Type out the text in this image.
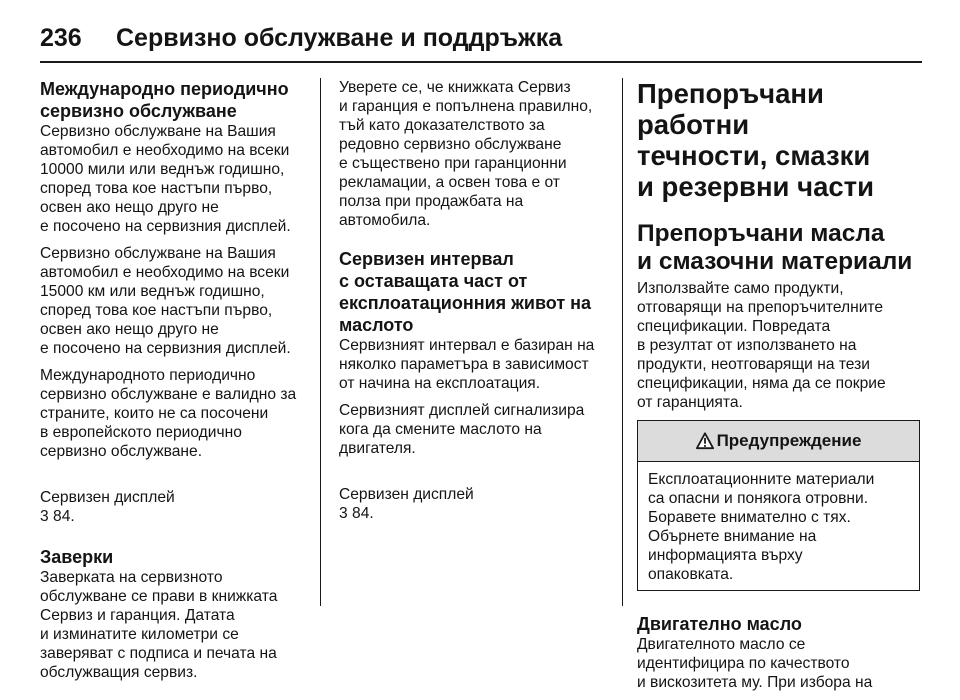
236	Сервизно обслужване и поддръжка
Международно периодично
сервизно обслужване

Сервизно обслужване на Вашия
автомобил е необходимо на всеки
10000 мили или веднъж годишно,
според това кое настъпи първо,
освен ако нещо друго не
е посочено на сервизния дисплей.

Сервизно обслужване на Вашия
автомобил е необходимо на всеки
15000 км или веднъж годишно,
според това кое настъпи първо,
освен ако нещо друго не
е посочено на сервизния дисплей.

Международното периодично
сервизно обслужване е валидно за
страните, които не са посочени
в европейското периодично
сервизно обслужване.

Сервизен дисплей
3 84.

Заверки

Заверката на сервизното
обслужване се прави в книжката
Сервиз и гаранция. Датата
и изминатите километри се
заверяват с подписа и печата на
обслужващия сервиз.

Уверете се, че книжката Сервиз
и гаранция е попълнена правилно,
тъй като доказателството за
редовно сервизно обслужване
е съществено при гаранционни
рекламации, а освен това е от
полза при продажбата на
автомобила.

Сервизен интервал
с оставащата част от
експлоатационния живот на
маслото

Сервизният интервал е базиран на
няколко параметъра в зависимост
от начина на експлоатация.

Сервизният дисплей сигнализира
кога да смените маслото на
двигателя.

Сервизен дисплей
3 84.

Препоръчани работни
течности, смазки
и резервни части
Препоръчани масла
и смазочни материали

Използвайте само продукти,
отговарящи на препоръчителните
спецификации. Повредата
в резултат от използването на
продукти, неотговарящи на тези
спецификации, няма да се покрие
от гаранцията.

Предупреждение

Експлоатационните материали
са опасни и понякога отровни.
Боравете внимателно с тях.
Обърнете внимание на
информацията върху
опаковката.

Двигателно масло

Двигателното масло се
идентифицира по качеството
и вискозитета му. При избора на
